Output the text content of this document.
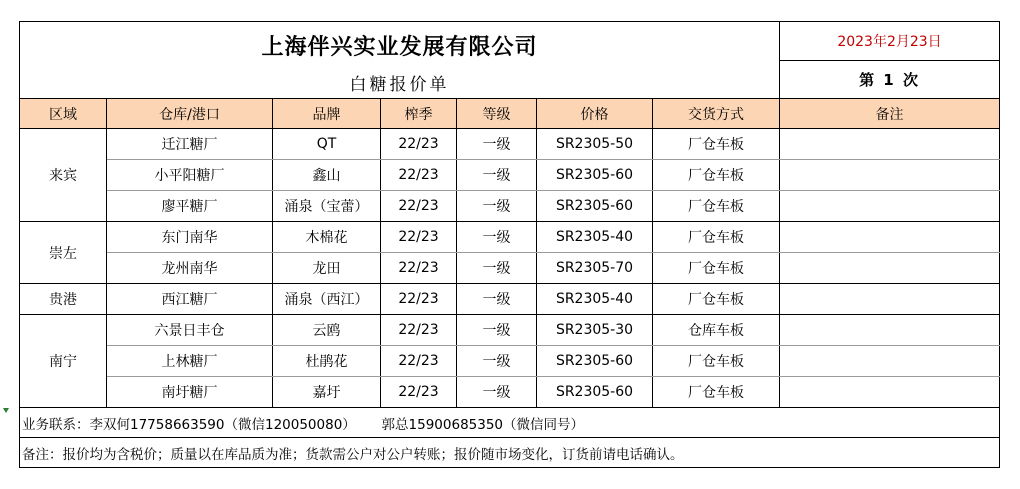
上海伴兴实业发展有限公司
白糖报价单							2023年2月23日
							第 1 次
区域	仓库/港口	品牌	榨季	等级	价格	交货方式	备注
来宾	迁江糖厂	QT	22/23	一级	SR2305-50	厂仓车板	
	小平阳糖厂	鑫山	22/23	一级	SR2305-60	厂仓车板	
	廖平糖厂	涌泉（宝蕾）	22/23	一级	SR2305-60	厂仓车板	
崇左	东门南华	木棉花	22/23	一级	SR2305-40	厂仓车板	
	龙州南华	龙田	22/23	一级	SR2305-70	厂仓车板	
贵港	西江糖厂	涌泉（西江）	22/23	一级	SR2305-40	厂仓车板	
南宁	六景日丰仓	云鸥	22/23	一级	SR2305-30	仓库车板	
	上林糖厂	杜鹃花	22/23	一级	SR2305-60	厂仓车板	
	南圩糖厂	嘉圩	22/23	一级	SR2305-60	厂仓车板	
业务联系：李双何17758663590（微信120050080）      郭总15900685350（微信同号）							
备注：报价均为含税价；质量以在库品质为准；货款需公户对公户转账；报价随市场变化，订货前请电话确认。							
